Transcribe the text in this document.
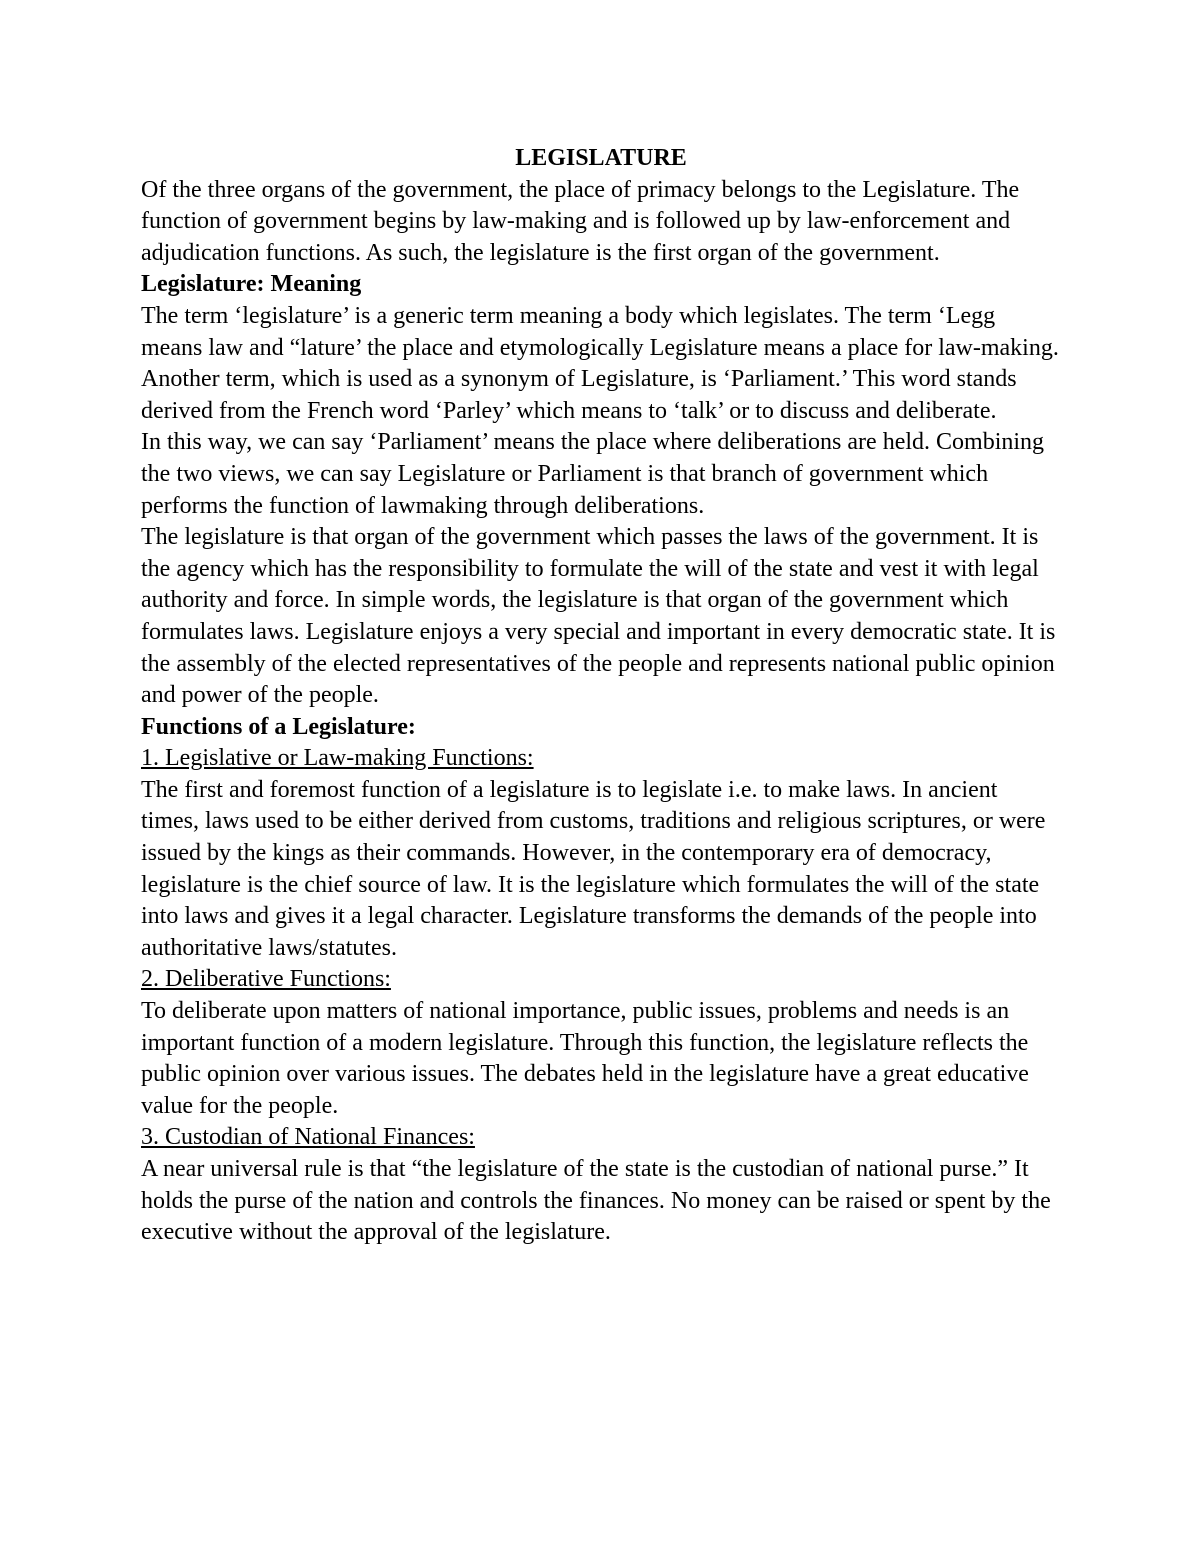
LEGISLATURE

Of the three organs of the government, the place of primacy belongs to the Legislature. The function of government begins by law-making and is followed up by law-enforcement and adjudication functions. As such, the legislature is the first organ of the government.

Legislature: Meaning

The term ‘legislature’ is a generic term meaning a body which legislates. The term ‘Legg means law and “lature’ the place and etymologically Legislature means a place for law-making. Another term, which is used as a synonym of Legislature, is ‘Parliament.’ This word stands derived from the French word ‘Parley’ which means to ‘talk’ or to discuss and deliberate.

In this way, we can say ‘Parliament’ means the place where deliberations are held. Combining the two views, we can say Legislature or Parliament is that branch of government which performs the function of lawmaking through deliberations.

The legislature is that organ of the government which passes the laws of the government. It is the agency which has the responsibility to formulate the will of the state and vest it with legal authority and force. In simple words, the legislature is that organ of the government which formulates laws. Legislature enjoys a very special and important in every democratic state. It is the assembly of the elected representatives of the people and represents national public opinion and power of the people.

Functions of a Legislature:

1. Legislative or Law-making Functions:

The first and foremost function of a legislature is to legislate i.e. to make laws. In ancient times, laws used to be either derived from customs, traditions and religious scriptures, or were issued by the kings as their commands. However, in the contemporary era of democracy, legislature is the chief source of law. It is the legislature which formulates the will of the state into laws and gives it a legal character. Legislature transforms the demands of the people into authoritative laws/statutes.

2. Deliberative Functions:

To deliberate upon matters of national importance, public issues, problems and needs is an important function of a modern legislature. Through this function, the legislature reflects the public opinion over various issues. The debates held in the legislature have a great educative value for the people.

3. Custodian of National Finances:

A near universal rule is that “the legislature of the state is the custodian of national purse.” It holds the purse of the nation and controls the finances. No money can be raised or spent by the executive without the approval of the legislature.
